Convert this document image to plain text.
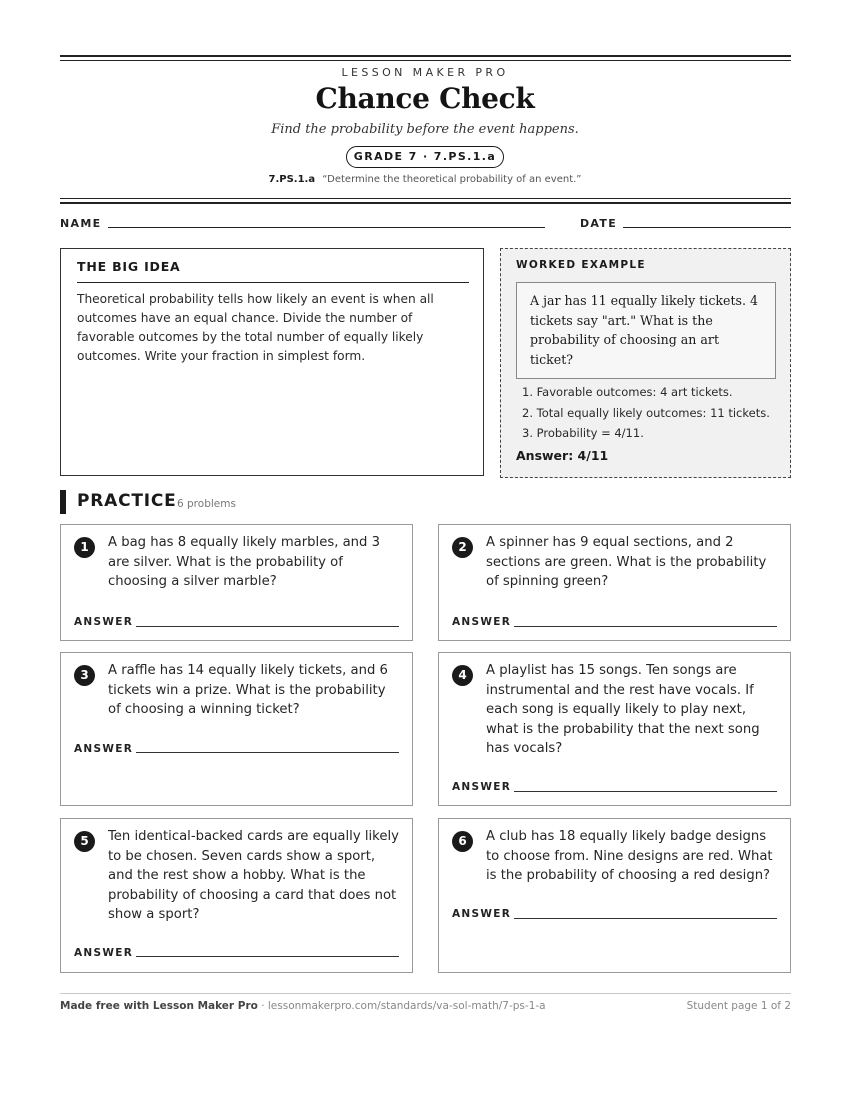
LESSON MAKER PRO
Chance Check
Find the probability before the event happens.
GRADE 7 · 7.PS.1.a
7.PS.1.a “Determine the theoretical probability of an event.”
NAME	DATE
THE BIG IDEA

Theoretical probability tells how likely an event is when all outcomes have an equal chance. Divide the number of favorable outcomes by the total number of equally likely outcomes. Write your fraction in simplest form.

WORKED EXAMPLE
A jar has 11 equally likely tickets. 4 tickets say "art." What is the probability of choosing an art ticket?
1. Favorable outcomes: 4 art tickets.
2. Total equally likely outcomes: 11 tickets.
3. Probability = 4/11.
Answer: 4/11
PRACTICE 6 problems
1	A bag has 8 equally likely marbles, and 3 are silver. What is the probability of choosing a silver marble?
ANSWER
2	A spinner has 9 equal sections, and 2 sections are green. What is the probability of spinning green?
ANSWER
3	A raffle has 14 equally likely tickets, and 6 tickets win a prize. What is the probability of choosing a winning ticket?
ANSWER
4	A playlist has 15 songs. Ten songs are instrumental and the rest have vocals. If each song is equally likely to play next, what is the probability that the next song has vocals?
ANSWER
5	Ten identical-backed cards are equally likely to be chosen. Seven cards show a sport, and the rest show a hobby. What is the probability of choosing a card that does not show a sport?
ANSWER
6	A club has 18 equally likely badge designs to choose from. Nine designs are red. What is the probability of choosing a red design?
ANSWER
Made free with Lesson Maker Pro · lessonmakerpro.com/standards/va-sol-math/7-ps-1-a	Student page 1 of 2
